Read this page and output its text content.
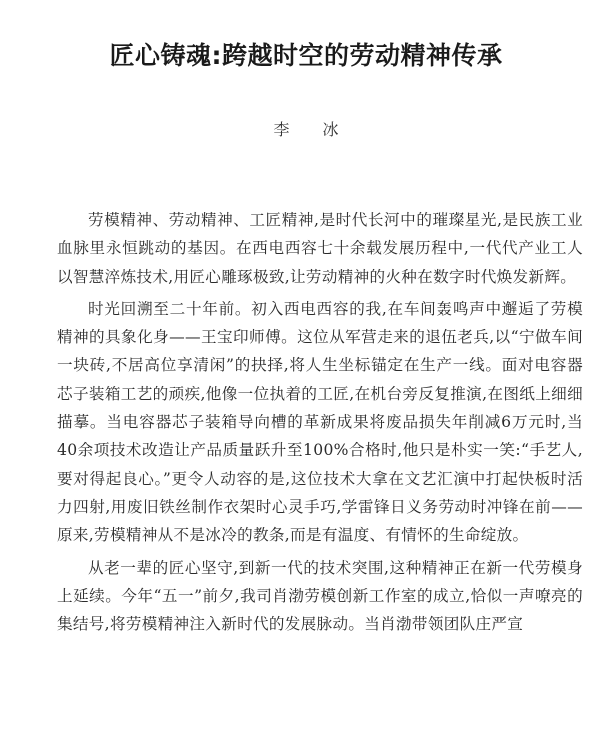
匠心铸魂:跨越时空的劳动精神传承
李 冰

劳模精神、劳动精神、工匠精神,是时代长河中的璀璨星光,是民族工业血脉里永恒跳动的基因。在西电西容七十余载发展历程中,一代代产业工人以智慧淬炼技术,用匠心雕琢极致,让劳动精神的火种在数字时代焕发新辉。

时光回溯至二十年前。初入西电西容的我,在车间轰鸣声中邂逅了劳模精神的具象化身——王宝印师傅。这位从军营走来的退伍老兵,以“宁做车间一块砖,不居高位享清闲”的抉择,将人生坐标锚定在生产一线。面对电容器芯子装箱工艺的顽疾,他像一位执着的工匠,在机台旁反复推演,在图纸上细细描摹。当电容器芯子装箱导向槽的革新成果将废品损失年削减6万元时,当40余项技术改造让产品质量跃升至100%合格时,他只是朴实一笑:“手艺人,要对得起良心。”更令人动容的是,这位技术大拿在文艺汇演中打起快板时活力四射,用废旧铁丝制作衣架时心灵手巧,学雷锋日义务劳动时冲锋在前——原来,劳模精神从不是冰冷的教条,而是有温度、有情怀的生命绽放。

从老一辈的匠心坚守,到新一代的技术突围,这种精神正在新一代劳模身上延续。今年“五一”前夕,我司肖渤劳模创新工作室的成立,恰似一声嘹亮的集结号,将劳模精神注入新时代的发展脉动。当肖渤带领团队庄严宣
